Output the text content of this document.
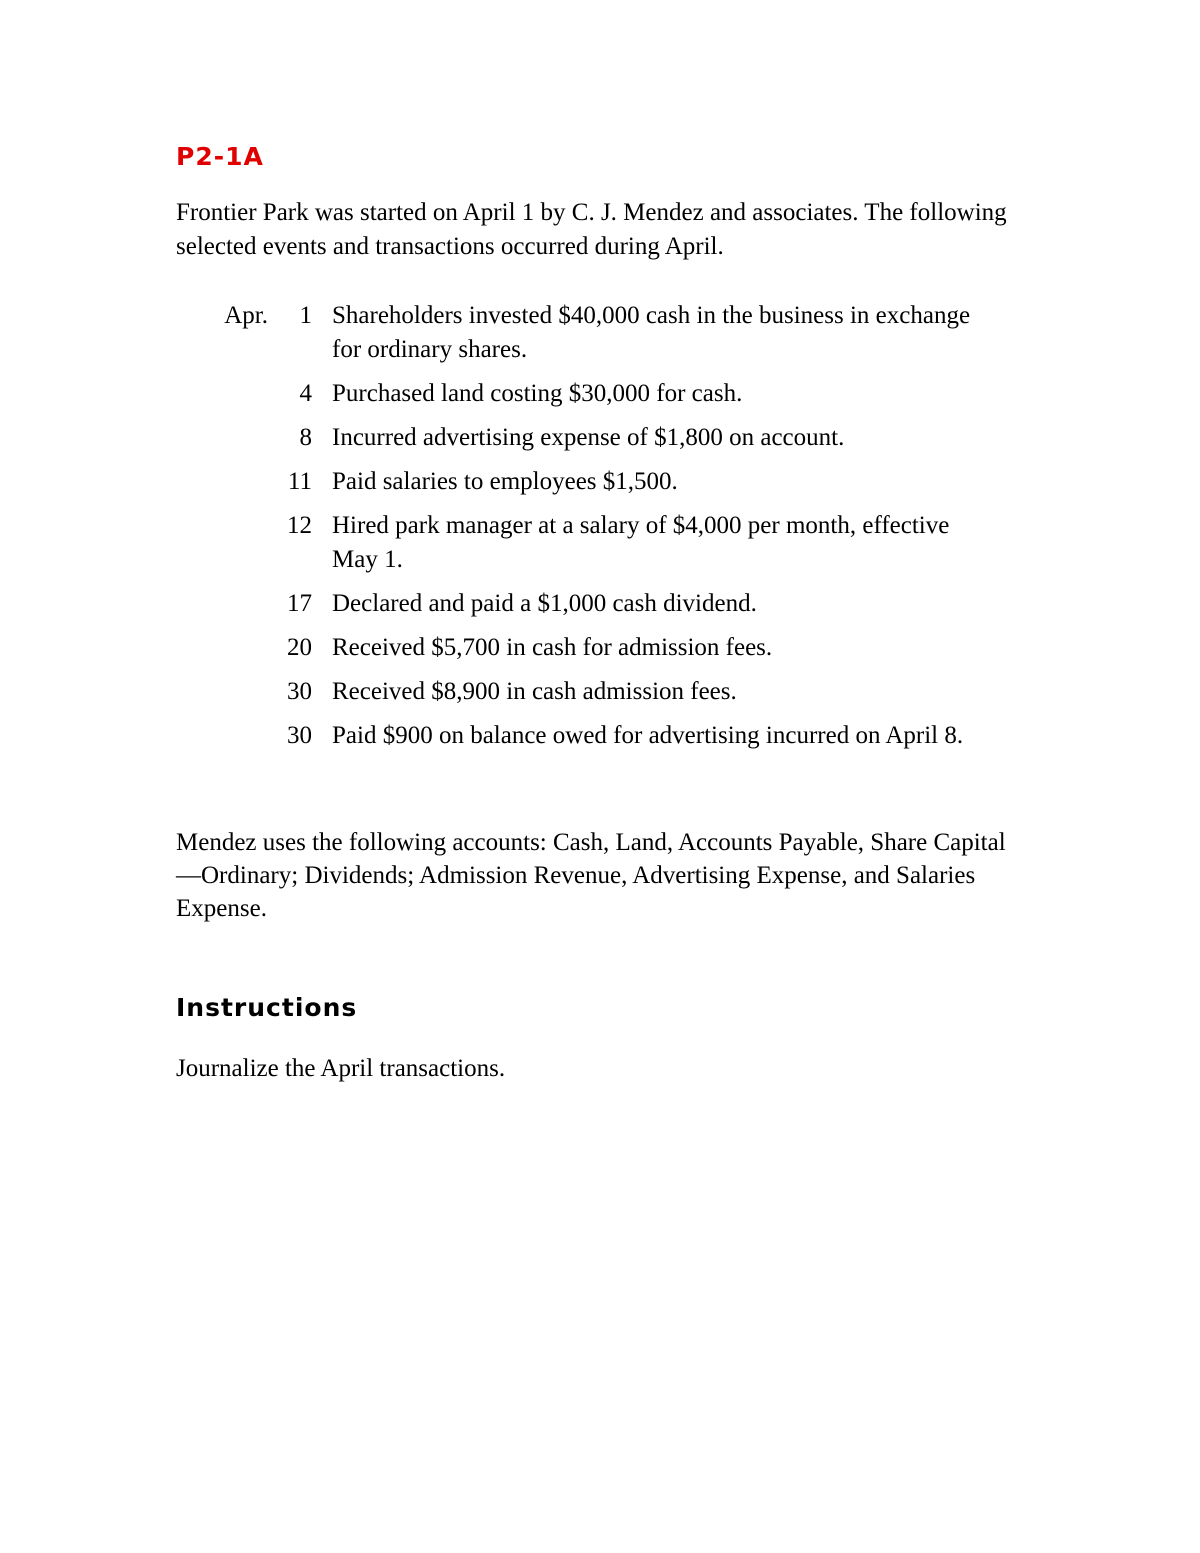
P2-1A

Frontier Park was started on April 1 by C. J. Mendez and associates. The following selected events and transactions occurred during April.

Apr.	1 Shareholders invested $40,000 cash in the business in exchange for ordinary shares.
4 Purchased land costing $30,000 for cash.
8 Incurred advertising expense of $1,800 on account.
11 Paid salaries to employees $1,500.
12 Hired park manager at a salary of $4,000 per month, effective May 1.
17 Declared and paid a $1,000 cash dividend.
20 Received $5,700 in cash for admission fees.
30 Received $8,900 in cash admission fees.
30 Paid $900 on balance owed for advertising incurred on April 8.

Mendez uses the following accounts: Cash, Land, Accounts Payable, Share Capital—Ordinary; Dividends; Admission Revenue, Advertising Expense, and Salaries Expense.

Instructions

Journalize the April transactions.
